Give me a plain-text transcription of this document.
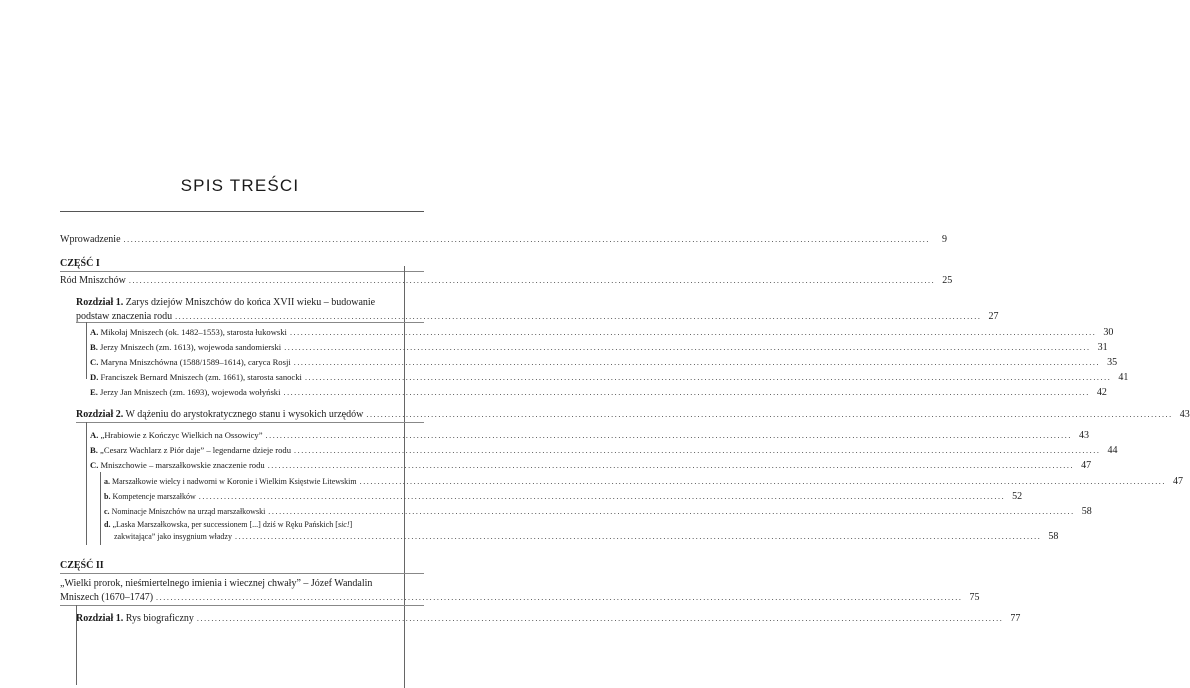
SPIS TREŚCI
Wprowadzenie .....	9
CZĘŚĆ I
Ród Mniszchów .....	25
Rozdział 1.
Zarys dziejów Mniszchów do końca XVII wieku – budowanie
podstaw znaczenia rodu .....	27
A. Mikołaj Mniszech (ok. 1482–1553), starosta łukowski .....	30
B. Jerzy Mniszech (zm. 1613), wojewoda sandomierski .....	31
C. Maryna Mniszchówna (1588/1589–1614), caryca Rosji .....	35
D. Franciszek Bernard Mniszech (zm. 1661), starosta sanocki .....	41
E. Jerzy Jan Mniszech (zm. 1693), wojewoda wołyński .....	42
Rozdział 2. W dążeniu do arystokratycznego stanu i wysokich urzędów .....	43
A. „Hrabiowie z Kończyc Wielkich na Ossowicy” .....	43
B. „Cesarz Wachlarz z Piór daje” – legendarne dzieje rodu .....	44
C. Mniszchowie – marszałkowskie znaczenie rodu .....	47
a. Marszałkowie wielcy i nadworni w Koronie i Wielkim Księstwie Litewskim .....	47
b. Kompetencje marszałków .....	52
c. Nominacje Mniszchów na urząd marszałkowski .....	58
d.
„Laska Marszałkowska, per successionem [...] dziś w Ręku Pańskich [ sic! ]
zakwitająca” jako insygnium władzy .....	58
CZĘŚĆ II
„Wielki prorok, nieśmiertelnego imienia i wiecznej chwały” – Józef Wandalin
Mniszech (1670–1747) .....	75
Rozdział 1. Rys biograficzny .....	77
